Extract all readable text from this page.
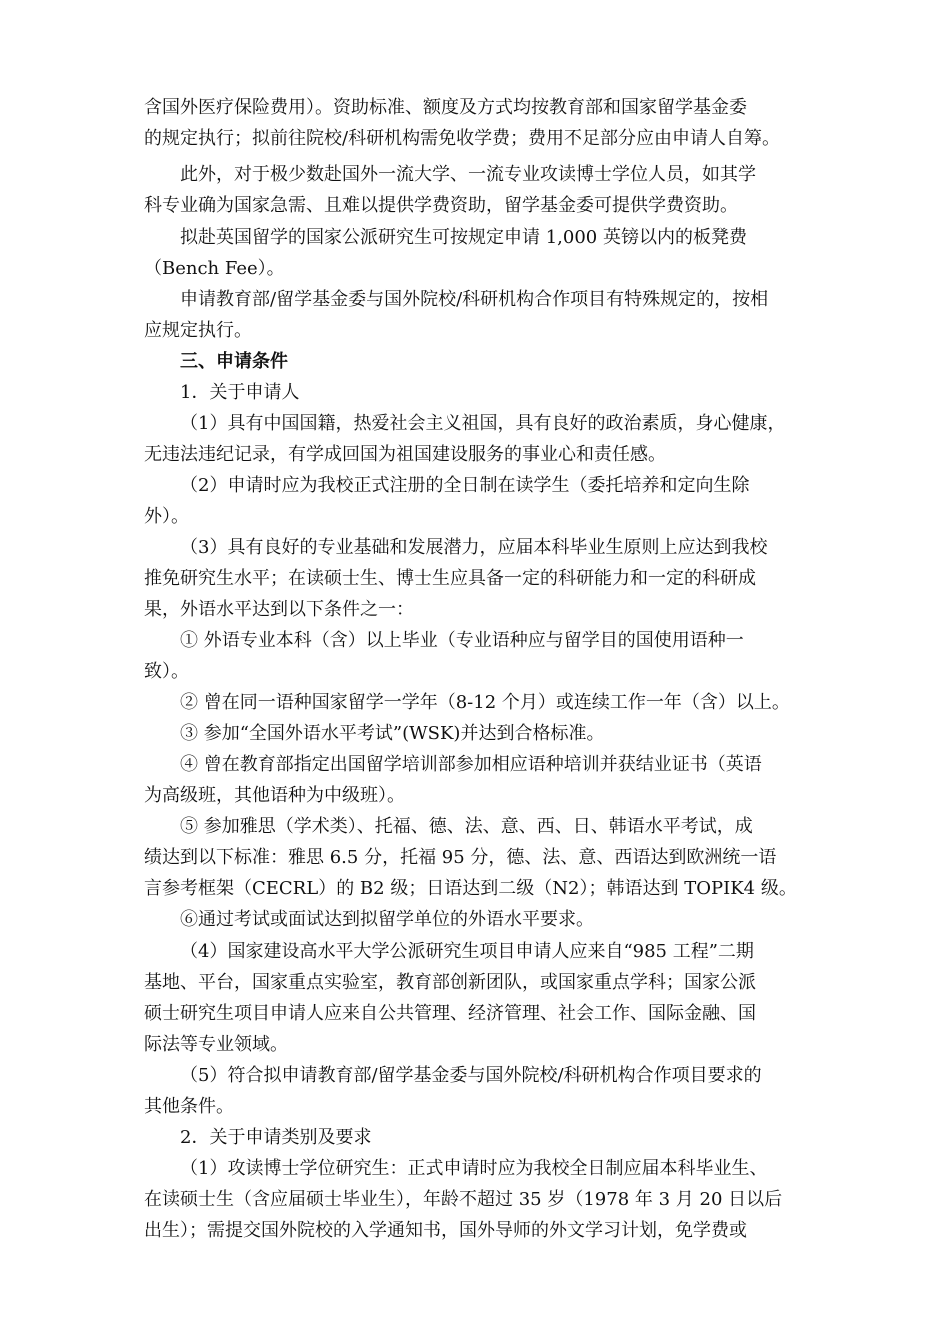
含国外医疗保险费用）。资助标准、额度及方式均按教育部和国家留学基金委
的规定执行；拟前往院校/科研机构需免收学费；费用不足部分应由申请人自筹。
此外，对于极少数赴国外一流大学、一流专业攻读博士学位人员，如其学
科专业确为国家急需、且难以提供学费资助，留学基金委可提供学费资助。
拟赴英国留学的国家公派研究生可按规定申请 1,000 英镑以内的板凳费
（Bench Fee）。
申请教育部/留学基金委与国外院校/科研机构合作项目有特殊规定的，按相
应规定执行。
三、申请条件
1．关于申请人
（1）具有中国国籍，热爱社会主义祖国，具有良好的政治素质，身心健康，
无违法违纪记录，有学成回国为祖国建设服务的事业心和责任感。
（2）申请时应为我校正式注册的全日制在读学生（委托培养和定向生除
外）。
（3）具有良好的专业基础和发展潜力，应届本科毕业生原则上应达到我校
推免研究生水平；在读硕士生、博士生应具备一定的科研能力和一定的科研成
果，外语水平达到以下条件之一：
① 外语专业本科（含）以上毕业（专业语种应与留学目的国使用语种一
致）。
② 曾在同一语种国家留学一学年（8-12 个月）或连续工作一年（含）以上。
③ 参加“全国外语水平考试”(WSK)并达到合格标准。
④ 曾在教育部指定出国留学培训部参加相应语种培训并获结业证书（英语
为高级班，其他语种为中级班）。
⑤ 参加雅思（学术类）、托福、德、法、意、西、日、韩语水平考试，成
绩达到以下标准：雅思 6.5 分，托福 95 分，德、法、意、西语达到欧洲统一语
言参考框架（CECRL）的 B2 级；日语达到二级（N2）；韩语达到 TOPIK4 级。
⑥通过考试或面试达到拟留学单位的外语水平要求。
（4）国家建设高水平大学公派研究生项目申请人应来自“985 工程”二期
基地、平台，国家重点实验室，教育部创新团队，或国家重点学科；国家公派
硕士研究生项目申请人应来自公共管理、经济管理、社会工作、国际金融、国
际法等专业领域。
（5）符合拟申请教育部/留学基金委与国外院校/科研机构合作项目要求的
其他条件。
2．关于申请类别及要求
（1）攻读博士学位研究生：正式申请时应为我校全日制应届本科毕业生、
在读硕士生（含应届硕士毕业生），年龄不超过 35 岁（1978 年 3 月 20 日以后
出生）；需提交国外院校的入学通知书，国外导师的外文学习计划，免学费或
